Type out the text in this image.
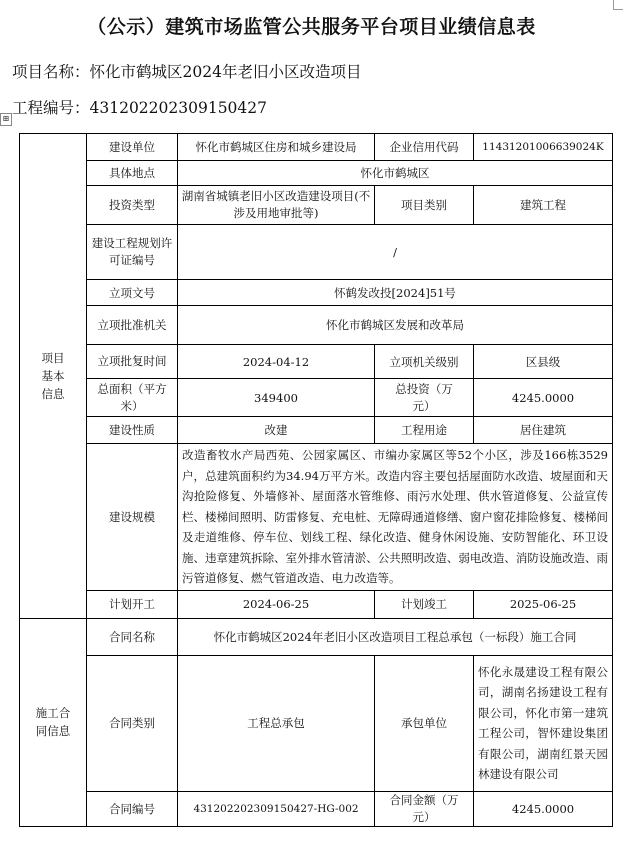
（公示）建筑市场监管公共服务平台项目业绩信息表
项目名称：怀化市鹤城区2024年老旧小区改造项目
工程编号：431202202309150427
⊞
项目基本信息	建设单位	怀化市鹤城区住房和城乡建设局	企业信用代码	11431201006639024K
	具体地点	怀化市鹤城区		
	投资类型	湖南省城镇老旧小区改造建设项目(不涉及用地审批等)	项目类别	建筑工程
	建设工程规划许可证编号	/		
	立项文号	怀鹤发改投[2024]51号		
	立项批准机关	怀化市鹤城区发展和改革局		
	立项批复时间	2024-04-12	立项机关级别	区县级
	总面积（平方米）	349400	总投资（万元）	4245.0000
	建设性质	改建	工程用途	居住建筑
	建设规模	改造畜牧水产局西苑、公园家属区、市编办家属区等52个小区，涉及166栋3529户，总建筑面积约为34.94万平方米。改造内容主要包括屋面防水改造、坡屋面和天沟抢险修复、外墙修补、屋面落水管维修、雨污水处理、供水管道修复、公益宣传栏、楼梯间照明、防雷修复、充电桩、无障碍通道修缮、窗户窗花排险修复、楼梯间及走道维修、停车位、划线工程、绿化改造、健身休闲设施、安防智能化、环卫设施、违章建筑拆除、室外排水管清淤、公共照明改造、弱电改造、消防设施改造、雨污管道修复、燃气管道改造、电力改造等。		
	计划开工	2024-06-25	计划竣工	2025-06-25
施工合同信息	合同名称	怀化市鹤城区2024年老旧小区改造项目工程总承包（一标段）施工合同		
	合同类别	工程总承包	承包单位	怀化永晟建设工程有限公司，湖南名扬建设工程有限公司，怀化市第一建筑工程公司，智怀建设集团有限公司，湖南红景天园林建设有限公司
	合同编号	431202202309150427-HG-002	合同金额（万元）	4245.0000
